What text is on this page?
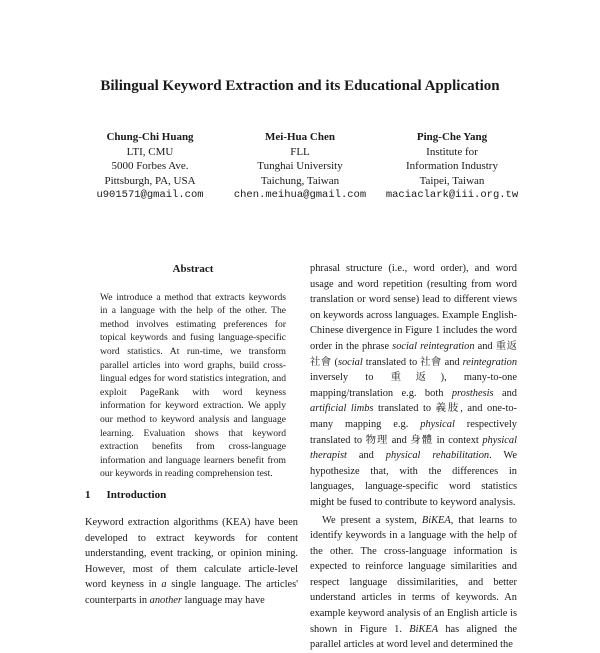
Bilingual Keyword Extraction and its Educational Application
Chung-Chi Huang
LTI, CMU
5000 Forbes Ave.
Pittsburgh, PA, USA
u901571@gmail.com
Mei-Hua Chen
FLL
Tunghai University
Taichung, Taiwan
chen.meihua@gmail.com
Ping-Che Yang
Institute for
Information Industry
Taipei, Taiwan
maciaclark@iii.org.tw
Abstract

We introduce a method that extracts keywords in a language with the help of the other. The method involves estimating preferences for topical keywords and fusing language-specific word statistics. At run-time, we transform parallel articles into word graphs, build cross-lingual edges for word statistics integration, and exploit PageRank with word keyness information for keyword extraction. We apply our method to keyword analysis and language learning. Evaluation shows that keyword extraction benefits from cross-language information and language learners benefit from our keywords in reading comprehension test.

1 Introduction

Keyword extraction algorithms (KEA) have been developed to extract keywords for content understanding, event tracking, or opinion mining. However, most of them calculate article-level word keyness in a single language. The articles' counterparts in another language may have

phrasal structure (i.e., word order), and word usage and word repetition (resulting from word translation or word sense) lead to different views on keywords across languages. Example English-Chinese divergence in Figure 1 includes the word order in the phrase social reintegration and 重返社會 (social translated to 社會 and reintegration inversely to 重返), many-to-one mapping/translation e.g. both prosthesis and artificial limbs translated to 義肢, and one-to-many mapping e.g. physical respectively translated to 物理 and 身體 in context physical therapist and physical rehabilitation. We hypothesize that, with the differences in languages, language-specific word statistics might be fused to contribute to keyword analysis.

We present a system, BiKEA, that learns to identify keywords in a language with the help of the other. The cross-language information is expected to reinforce language similarities and respect language dissimilarities, and better understand articles in terms of keywords. An example keyword analysis of an English article is shown in Figure 1. BiKEA has aligned the parallel articles at word level and determined the
